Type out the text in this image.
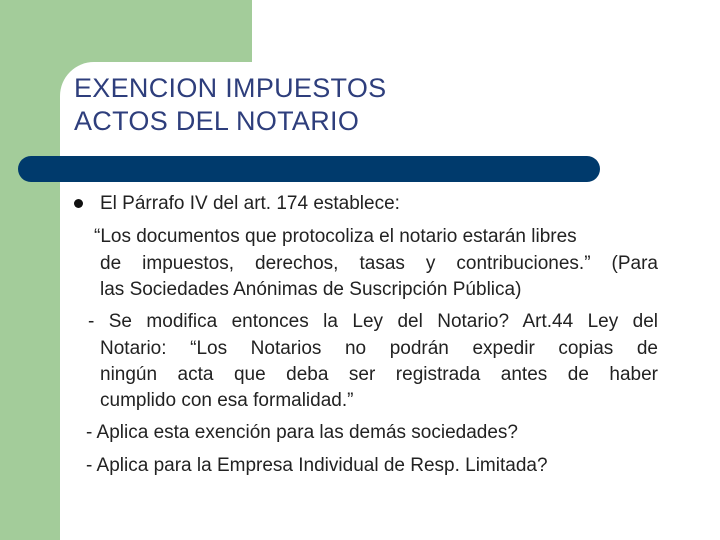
EXENCION IMPUESTOS
ACTOS DEL NOTARIO
El Párrafo IV del art. 174 establece:
“Los documentos que protocoliza el notario estarán libres
de impuestos, derechos, tasas y contribuciones.” (Para
las Sociedades Anónimas de Suscripción Pública)
- Se modifica entonces la Ley del Notario? Art.44 Ley del
Notario: “Los Notarios no podrán expedir copias de
ningún acta que deba ser registrada antes de haber
cumplido con esa formalidad.”
- Aplica esta exención para las demás sociedades?
- Aplica para la Empresa Individual de Resp. Limitada?
